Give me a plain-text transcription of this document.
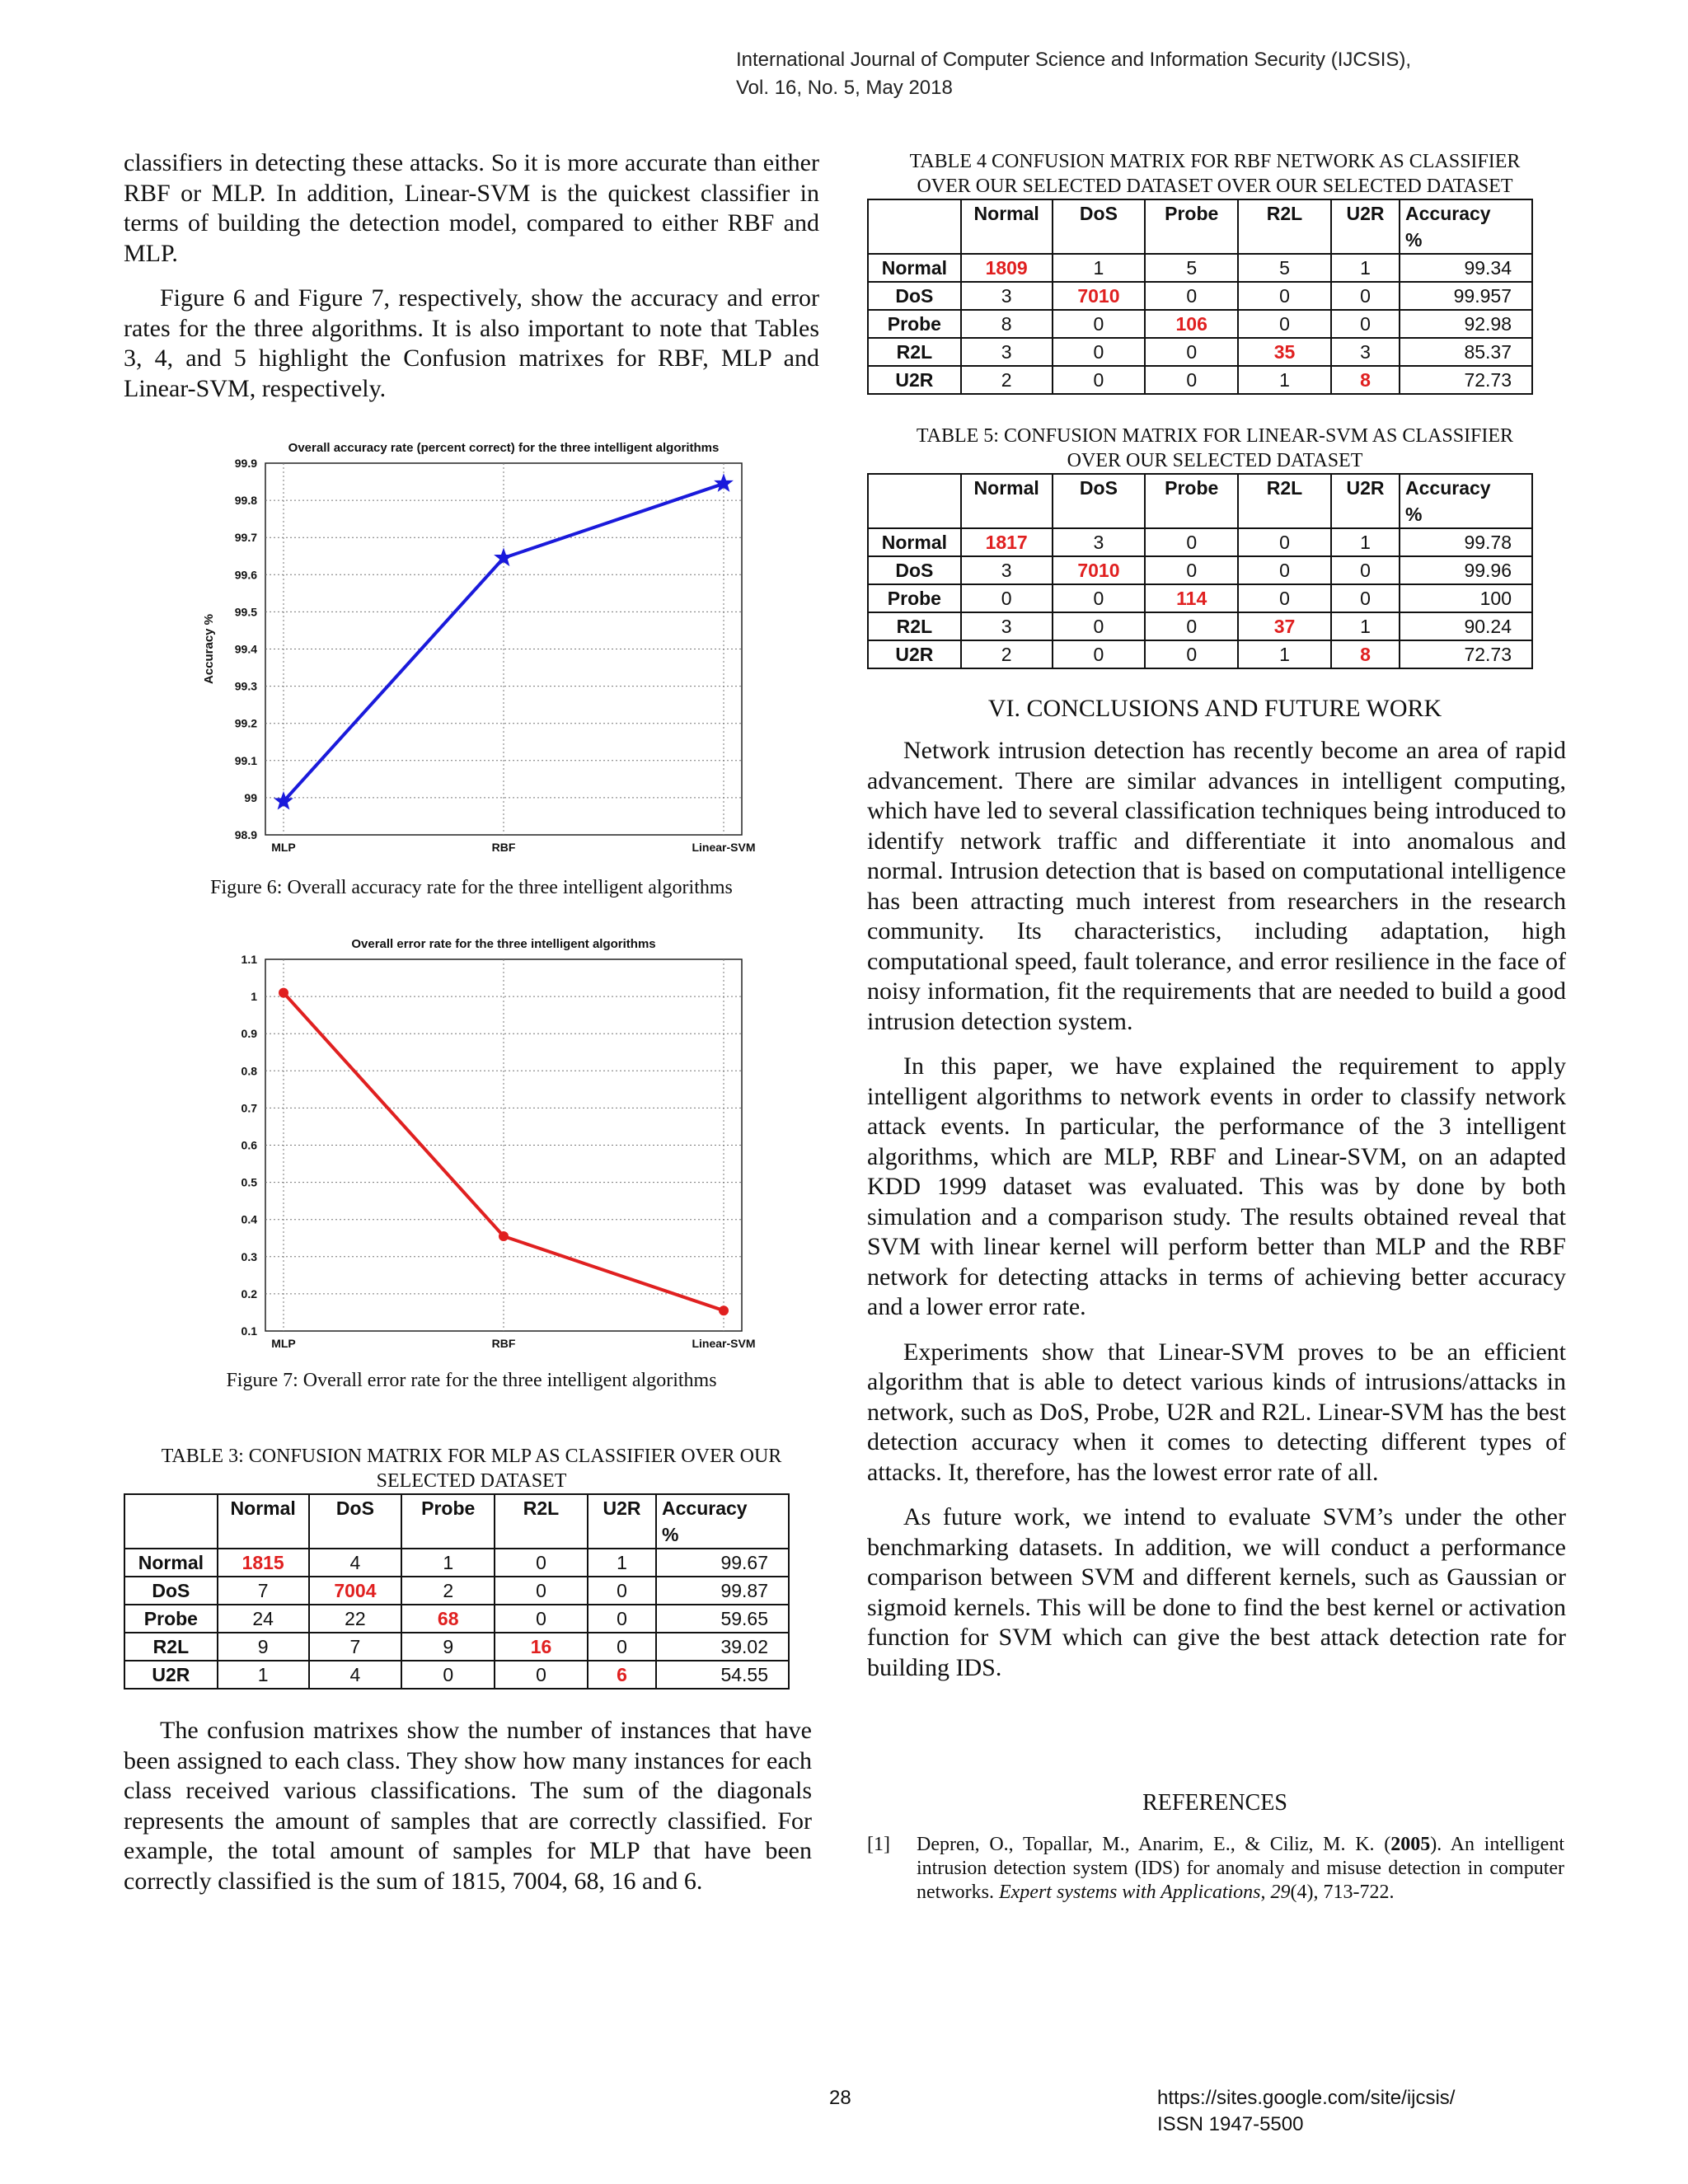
International Journal of Computer Science and Information Security (IJCSIS),
Vol. 16, No. 5, May 2018

classifiers in detecting these attacks. So it is more accurate than either RBF or MLP. In addition, Linear-SVM is the quickest classifier in terms of building the detection model, compared to either RBF and MLP.

Figure 6 and Figure 7, respectively, show the accuracy and error rates for the three algorithms. It is also important to note that Tables 3, 4, and 5 highlight the Confusion matrixes for RBF, MLP and Linear-SVM, respectively.

Overall accuracy rate (percent correct) for the three intelligent algorithms
98.9
99
99.1
99.2
99.3
99.4
99.5
99.6
99.7
99.8
99.9
MLP	RBF	Linear-SVM
Accuracy %
Figure 6: Overall accuracy rate for the three intelligent algorithms
Overall error rate for the three intelligent algorithms
0.1
0.2
0.3
0.4
0.5
0.6
0.7
0.8
0.9
1
1.1
MLP	RBF	Linear-SVM
Figure 7: Overall error rate for the three intelligent algorithms
TABLE 3: CONFUSION MATRIX FOR MLP AS CLASSIFIER OVER OUR
SELECTED DATASET
	Normal	DoS	Probe	R2L	U2R	Accuracy %
Normal	1815	4	1	0	1	99.67
DoS	7	7004	2	0	0	99.87
Probe	24	22	68	0	0	59.65
R2L	9	7	9	16	0	39.02
U2R	1	4	0	0	6	54.55

The confusion matrixes show the number of instances that have been assigned to each class. They show how many instances for each class received various classifications. The sum of the diagonals represents the amount of samples that are correctly classified. For example, the total amount of samples for MLP that have been correctly classified is the sum of 1815, 7004, 68, 16 and 6.

TABLE 4 CONFUSION MATRIX FOR RBF NETWORK AS CLASSIFIER
OVER OUR SELECTED DATASET OVER OUR SELECTED DATASET
	Normal	DoS	Probe	R2L	U2R	Accuracy %
Normal	1809	1	5	5	1	99.34
DoS	3	7010	0	0	0	99.957
Probe	8	0	106	0	0	92.98
R2L	3	0	0	35	3	85.37
U2R	2	0	0	1	8	72.73
TABLE 5: CONFUSION MATRIX FOR LINEAR-SVM AS CLASSIFIER
OVER OUR SELECTED DATASET
	Normal	DoS	Probe	R2L	U2R	Accuracy %
Normal	1817	3	0	0	1	99.78
DoS	3	7010	0	0	0	99.96
Probe	0	0	114	0	0	100
R2L	3	0	0	37	1	90.24
U2R	2	0	0	1	8	72.73
VI. CONCLUSIONS AND FUTURE WORK

Network intrusion detection has recently become an area of rapid advancement. There are similar advances in intelligent computing, which have led to several classification techniques being introduced to identify network traffic and differentiate it into anomalous and normal. Intrusion detection that is based on computational intelligence has been attracting much interest from researchers in the research community. Its characteristics, including adaptation, high computational speed, fault tolerance, and error resilience in the face of noisy information, fit the requirements that are needed to build a good intrusion detection system.

In this paper, we have explained the requirement to apply intelligent algorithms to network events in order to classify network attack events. In particular, the performance of the 3 intelligent algorithms, which are MLP, RBF and Linear-SVM, on an adapted KDD 1999 dataset was evaluated. This was by done by both simulation and a comparison study. The results obtained reveal that SVM with linear kernel will perform better than MLP and the RBF network for detecting attacks in terms of achieving better accuracy and a lower error rate.

Experiments show that Linear-SVM proves to be an efficient algorithm that is able to detect various kinds of intrusions/attacks in network, such as DoS, Probe, U2R and R2L. Linear-SVM has the best detection accuracy when it comes to detecting different types of attacks. It, therefore, has the lowest error rate of all.

As future work, we intend to evaluate SVM’s under the other benchmarking datasets. In addition, we will conduct a performance comparison between SVM and different kernels, such as Gaussian or sigmoid kernels. This will be done to find the best kernel or activation function for SVM which can give the best attack detection rate for building IDS.

REFERENCES
[1]	Depren, O., Topallar, M., Anarim, E., & Ciliz, M. K. (2005). An intelligent intrusion detection system (IDS) for anomaly and misuse detection in computer networks. Expert systems with Applications, 29(4), 713-722.
28	https://sites.google.com/site/ijcsis/
ISSN 1947-5500
